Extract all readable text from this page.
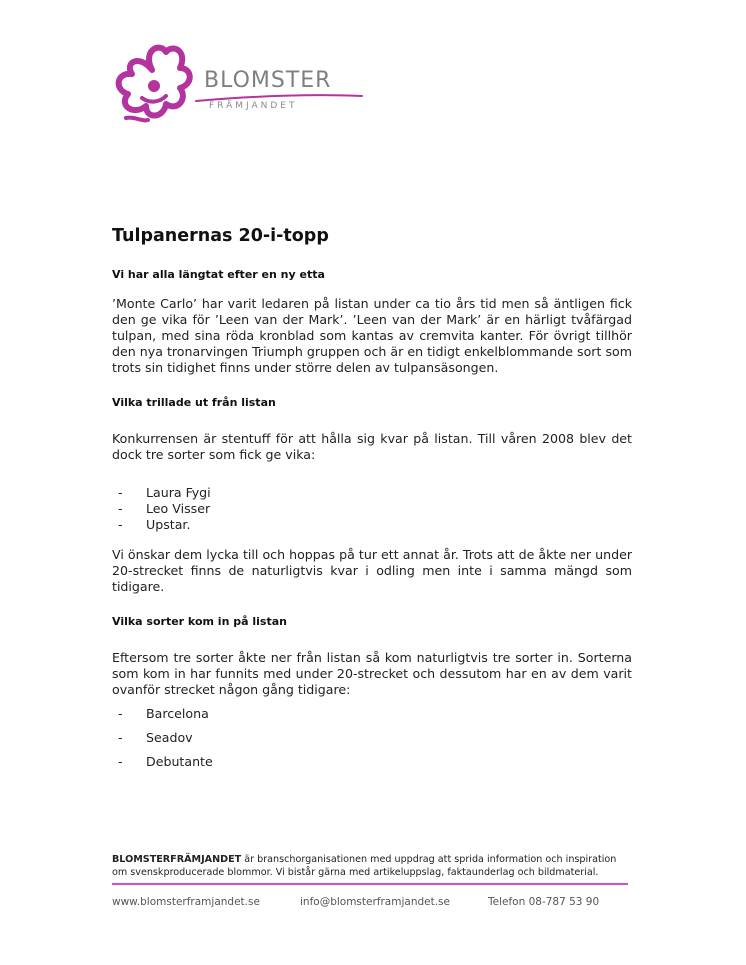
BLOMSTER
FRÄMJANDET
Tulpanernas 20-i-topp
Vi har alla längtat efter en ny etta

’Monte Carlo’ har varit ledaren på listan under ca tio års tid men så äntligen fick den ge vika för ’Leen van der Mark’. ’Leen van der Mark’ är en härligt tvåfärgad tulpan, med sina röda kronblad som kantas av cremvita kanter. För övrigt tillhör den nya tronarvingen Triumph gruppen och är en tidigt enkelblommande sort som trots sin tidighet finns under större delen av tulpansäsongen.

Vilka trillade ut från listan

Konkurrensen är stentuff för att hålla sig kvar på listan. Till våren 2008 blev det dock tre sorter som fick ge vika:

- Laura Fygi
- Leo Visser
- Upstar.

Vi önskar dem lycka till och hoppas på tur ett annat år. Trots att de åkte ner under 20-strecket finns de naturligtvis kvar i odling men inte i samma mängd som tidigare.

Vilka sorter kom in på listan

Eftersom tre sorter åkte ner från listan så kom naturligtvis tre sorter in. Sorterna som kom in har funnits med under 20-strecket och dessutom har en av dem varit ovanför strecket någon gång tidigare:

- Barcelona
- Seadov
- Debutante
BLOMSTERFRÄMJANDET är branschorganisationen med uppdrag att sprida information och inspiration
om svenskproducerade blommor. Vi bistår gärna med artikeluppslag, faktaunderlag och bildmaterial.
www.blomsterframjandet.se	info@blomsterframjandet.se	Telefon 08-787 53 90
